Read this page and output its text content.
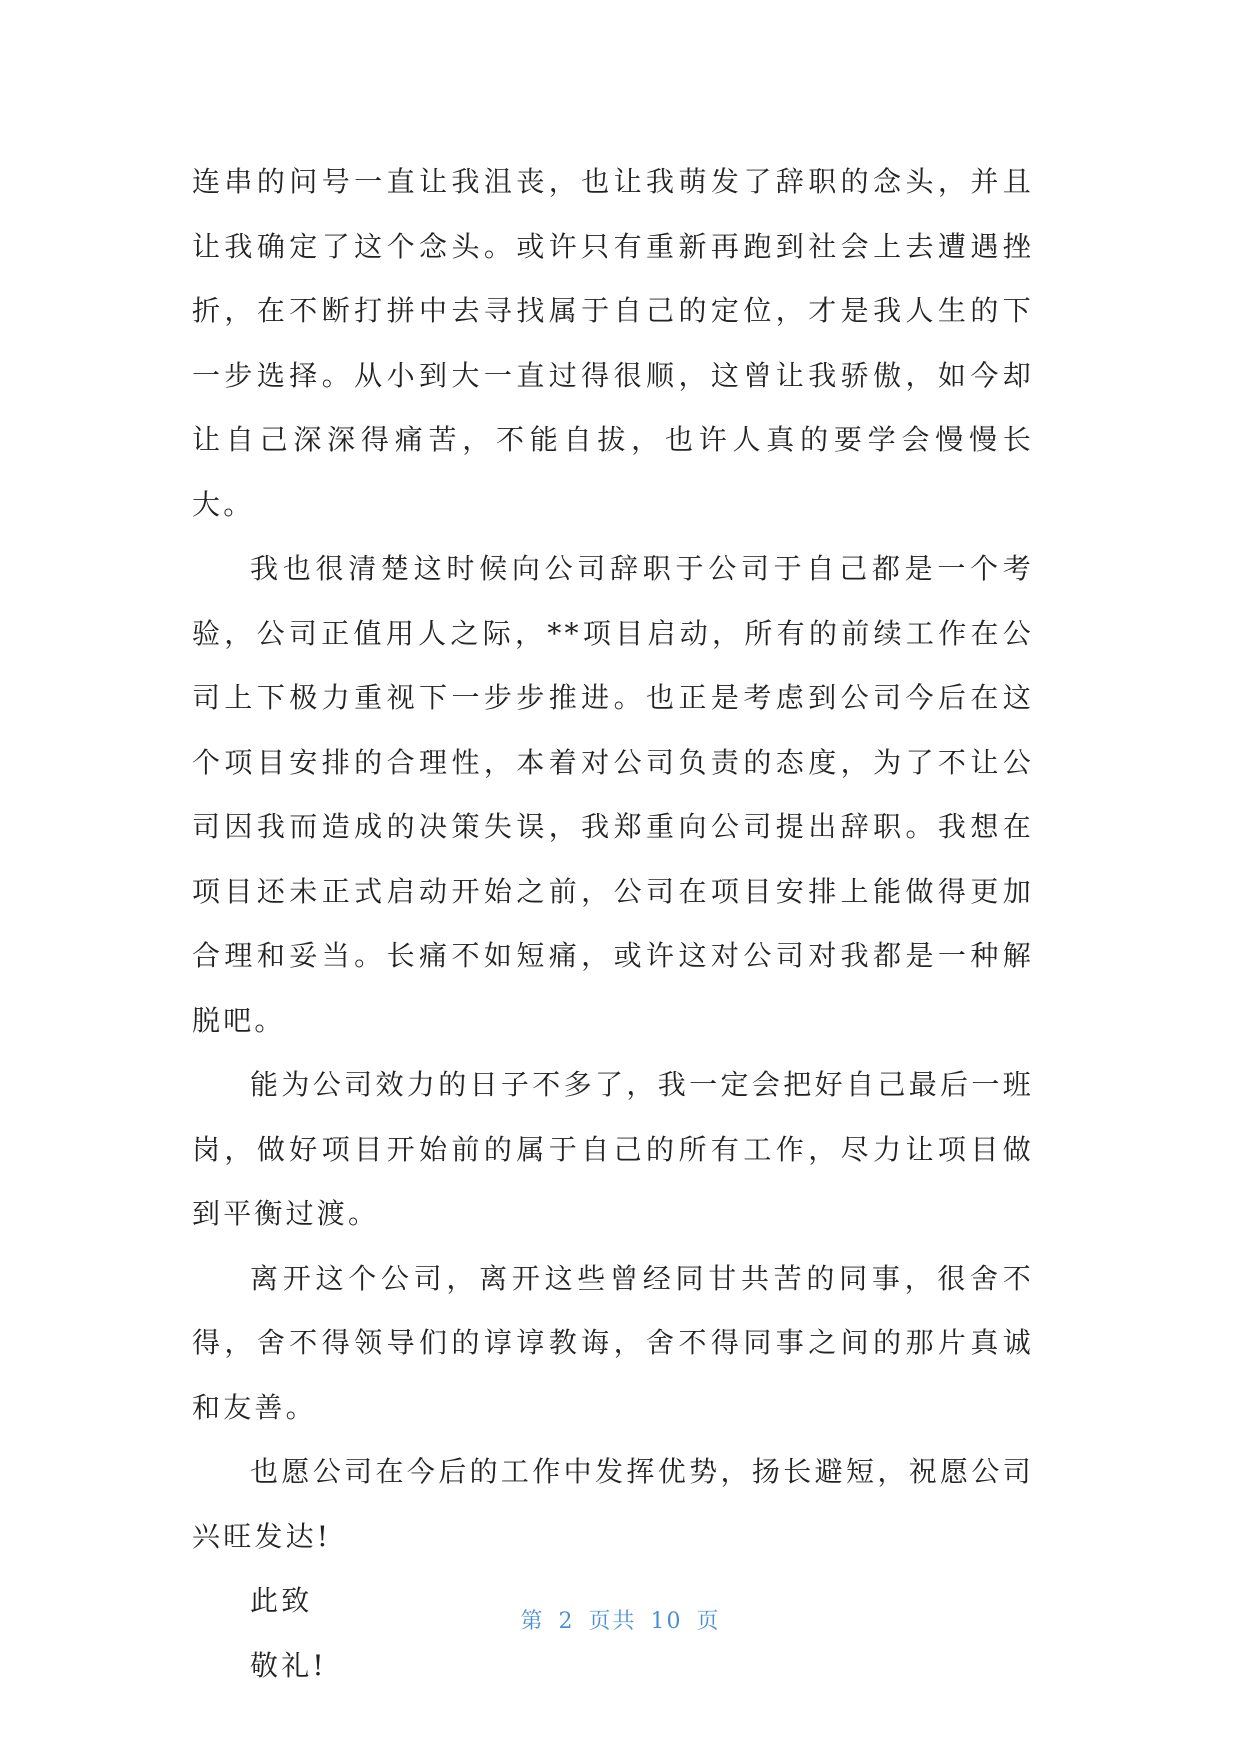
连串的问号一直让我沮丧，也让我萌发了辞职的念头，并且让我确定了这个念头。或许只有重新再跑到社会上去遭遇挫折，在不断打拼中去寻找属于自己的定位，才是我人生的下一步选择。从小到大一直过得很顺，这曾让我骄傲，如今却让自己深深得痛苦，不能自拔，也许人真的要学会慢慢长大。

我也很清楚这时候向公司辞职于公司于自己都是一个考验，公司正值用人之际，**项目启动，所有的前续工作在公司上下极力重视下一步步推进。也正是考虑到公司今后在这个项目安排的合理性，本着对公司负责的态度，为了不让公司因我而造成的决策失误，我郑重向公司提出辞职。我想在项目还未正式启动开始之前，公司在项目安排上能做得更加合理和妥当。长痛不如短痛，或许这对公司对我都是一种解脱吧。

能为公司效力的日子不多了，我一定会把好自己最后一班岗，做好项目开始前的属于自己的所有工作，尽力让项目做到平衡过渡。

离开这个公司，离开这些曾经同甘共苦的同事，很舍不得，舍不得领导们的谆谆教诲，舍不得同事之间的那片真诚和友善。

也愿公司在今后的工作中发挥优势，扬长避短，祝愿公司兴旺发达!

此致

敬礼!

第 2 页共 10 页
